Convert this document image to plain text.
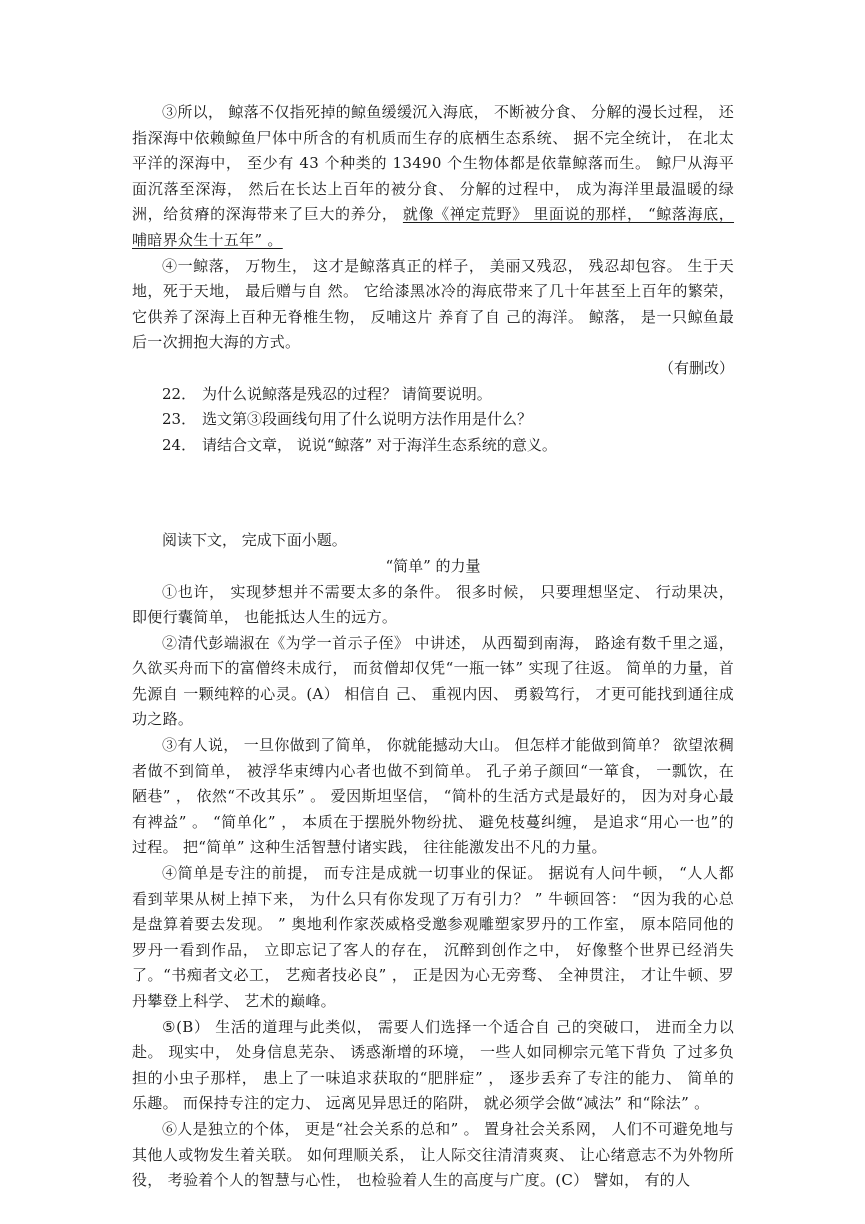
③所以， 鲸落不仅指死掉的鲸鱼缓缓沉入海底， 不断被分食、 分解的漫长过程， 还指深海中依赖鲸鱼尸体中所含的有机质而生存的底栖生态系统、 据不完全统计， 在北太平洋的深海中， 至少有 43 个种类的 13490 个生物体都是依靠鲸落而生。 鲸尸从海平面沉落至深海， 然后在长达上百年的被分食、 分解的过程中， 成为海洋里最温暖的绿洲，给贫瘠的深海带来了巨大的养分， 就像《禅定荒野》 里面说的那样， “鲸落海底， 哺暗界众生十五年” 。

④一鲸落， 万物生， 这才是鲸落真正的样子， 美丽又残忍， 残忍却包容。 生于天地，死于天地， 最后赠与自 然。 它给漆黑冰冷的海底带来了几十年甚至上百年的繁荣，它供养了深海上百种无脊椎生物， 反哺这片 养育了自 己的海洋。 鲸落， 是一只鲸鱼最后一次拥抱大海的方式。

（有删改）

22． 为什么说鲸落是残忍的过程？ 请简要说明。

23． 选文第③段画线句用了什么说明方法作用是什么？

24． 请结合文章， 说说“鲸落” 对于海洋生态系统的意义。

阅读下文， 完成下面小题。

“简单” 的力量

①也许， 实现梦想并不需要太多的条件。 很多时候， 只要理想坚定、 行动果决， 即便行囊简单， 也能抵达人生的远方。

②清代彭端淑在《为学一首示子侄》 中讲述， 从西蜀到南海， 路途有数千里之遥，久欲买舟而下的富僧终未成行， 而贫僧却仅凭“一瓶一钵” 实现了往返。 简单的力量，首先源自 一颗纯粹的心灵。(A） 相信自 己、 重视内因、 勇毅笃行， 才更可能找到通往成功之路。

③有人说， 一旦你做到了简单， 你就能撼动大山。 但怎样才能做到简单？ 欲望浓稠者做不到简单， 被浮华束缚内心者也做不到简单。 孔子弟子颜回“一箪食， 一瓢饮，在陋巷” ， 依然“不改其乐” 。 爱因斯坦坚信， “简朴的生活方式是最好的， 因为对身心最有裨益” 。 “简单化” ， 本质在于摆脱外物纷扰、 避免枝蔓纠缠， 是追求“用心一也”的过程。 把“简单” 这种生活智慧付诸实践， 往往能激发出不凡的力量。

④简单是专注的前提， 而专注是成就一切事业的保证。 据说有人问牛顿， “人人都看到苹果从树上掉下来， 为什么只有你发现了万有引力？ ” 牛顿回答： “因为我的心总是盘算着要去发现。 ” 奥地利作家茨威格受邀参观雕塑家罗丹的工作室， 原本陪同他的罗丹一看到作品， 立即忘记了客人的存在， 沉醉到创作之中， 好像整个世界已经消失了。“书痴者文必工， 艺痴者技必良” ， 正是因为心无旁骛、 全神贯注， 才让牛顿、罗丹攀登上科学、 艺术的巅峰。

⑤(B） 生活的道理与此类似， 需要人们选择一个适合自 己的突破口， 进而全力以赴。 现实中， 处身信息芜杂、 诱惑渐增的环境， 一些人如同柳宗元笔下背负 了过多负担的小虫子那样， 患上了一味追求获取的“肥胖症” ， 逐步丢弃了专注的能力、 简单的乐趣。 而保持专注的定力、 远离见异思迁的陷阱， 就必须学会做“减法” 和“除法” 。

⑥人是独立的个体， 更是“社会关系的总和” 。 置身社会关系网， 人们不可避免地与其他人或物发生着关联。 如何理顺关系， 让人际交往清清爽爽、 让心绪意志不为外物所役， 考验着个人的智慧与心性， 也检验着人生的高度与广度。(C） 譬如， 有的人
